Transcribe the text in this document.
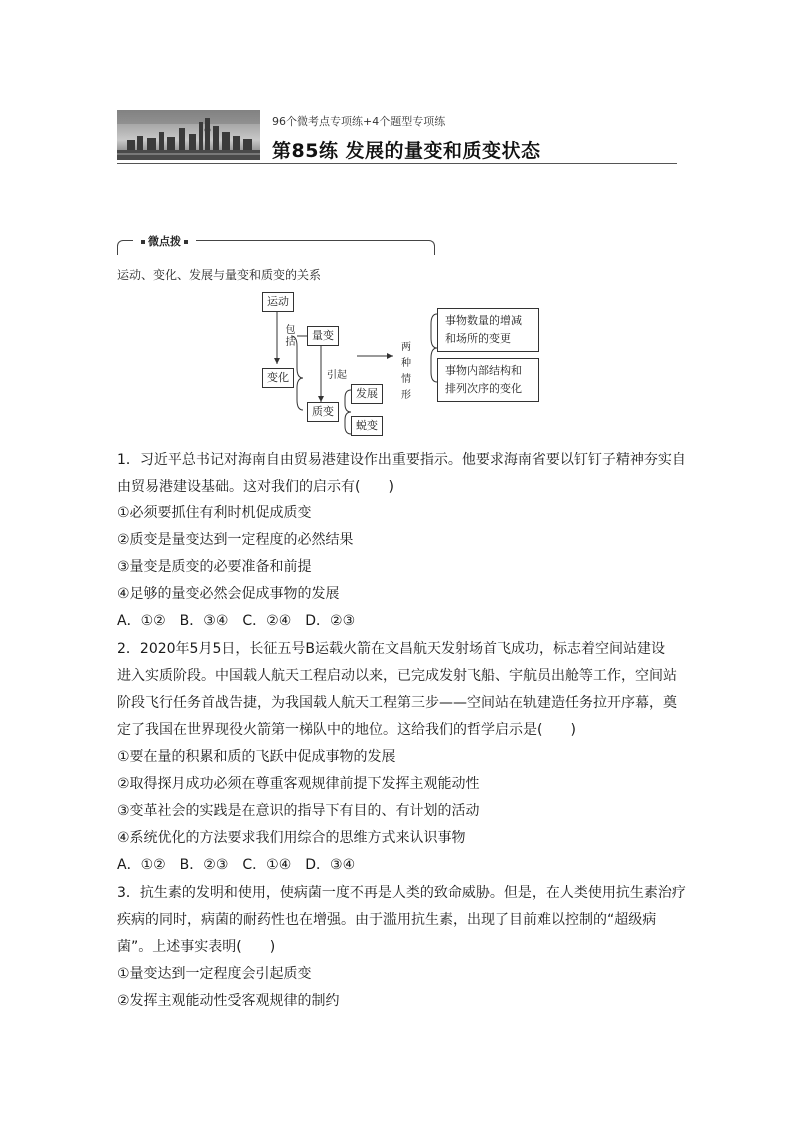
96个微考点专项练+4个题型专项练
第85练 发展的量变和质变状态
微点拨
运动、变化、发展与量变和质变的关系
运动
包括
变化
量变
引起
质变
发展
蜕变
两种情形
事物数量的增减
和场所的变更
事物内部结构和
排列次序的变化
1．习近平总书记对海南自由贸易港建设作出重要指示。他要求海南省要以钉钉子精神夯实自
由贸易港建设基础。这对我们的启示有(　　)
①必须要抓住有利时机促成质变
②质变是量变达到一定程度的必然结果
③量变是质变的必要准备和前提
④足够的量变必然会促成事物的发展
A．①②　B．③④　C．②④　D．②③
2．2020年5月5日，长征五号B运载火箭在文昌航天发射场首飞成功，标志着空间站建设
进入实质阶段。中国载人航天工程启动以来，已完成发射飞船、宇航员出舱等工作，空间站
阶段飞行任务首战告捷，为我国载人航天工程第三步——空间站在轨建造任务拉开序幕，奠
定了我国在世界现役火箭第一梯队中的地位。这给我们的哲学启示是(　　)
①要在量的积累和质的飞跃中促成事物的发展
②取得探月成功必须在尊重客观规律前提下发挥主观能动性
③变革社会的实践是在意识的指导下有目的、有计划的活动
④系统优化的方法要求我们用综合的思维方式来认识事物
A．①②　B．②③　C．①④　D．③④
3．抗生素的发明和使用，使病菌一度不再是人类的致命威胁。但是，在人类使用抗生素治疗
疾病的同时，病菌的耐药性也在增强。由于滥用抗生素，出现了目前难以控制的“超级病
菌”。上述事实表明(　　)
①量变达到一定程度会引起质变
②发挥主观能动性受客观规律的制约
